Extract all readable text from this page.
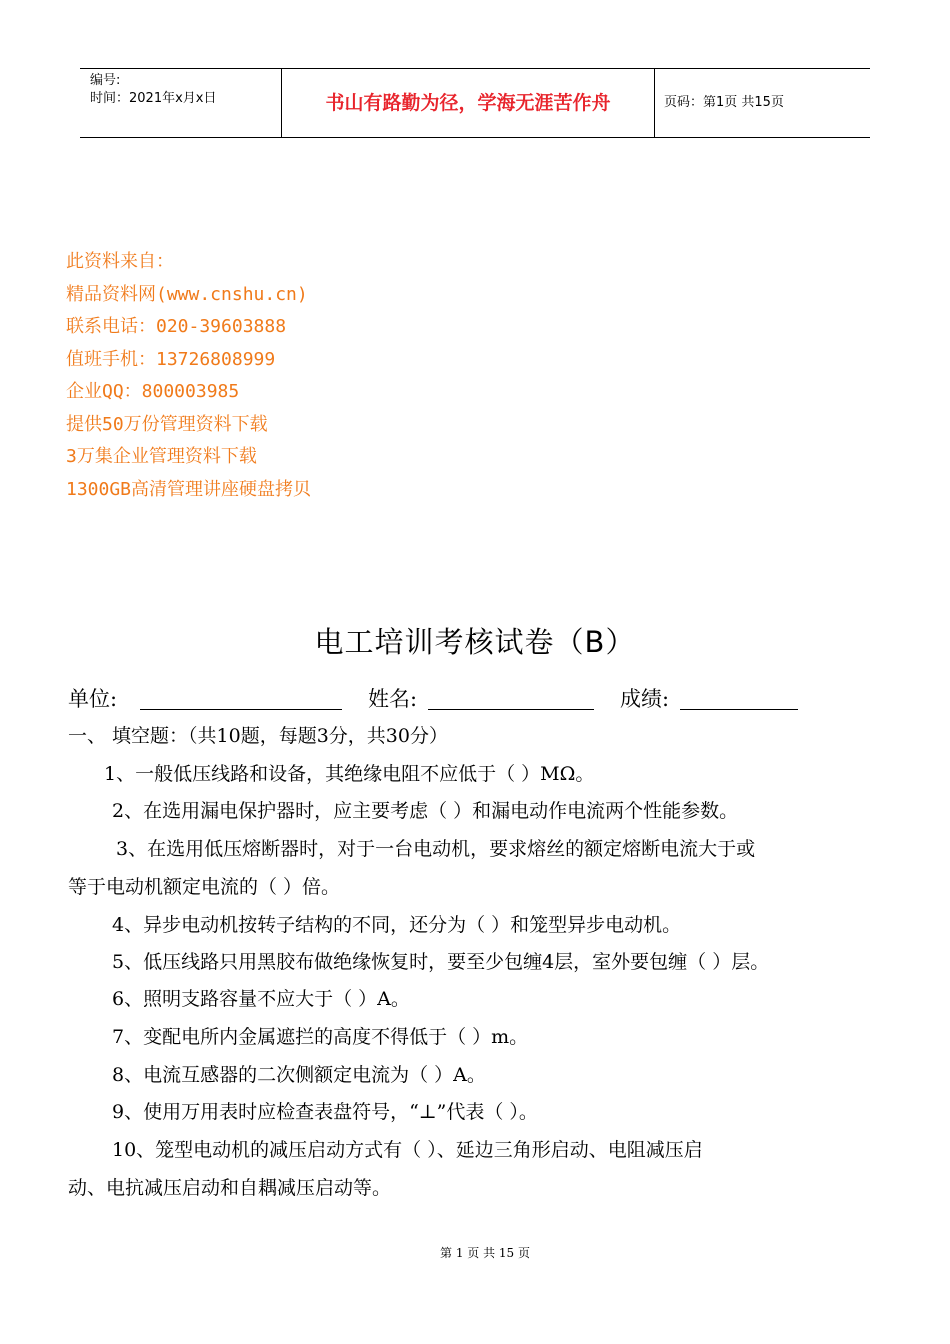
编号:
时间：2021年x月x日	书山有路勤为径，学海无涯苦作舟	页码：第1页 共15页
此资料来自：
精品资料网(www.cnshu.cn)
联系电话：020-39603888
值班手机：13726808999
企业QQ：800003985
提供50万份管理资料下载
3万集企业管理资料下载
1300GB高清管理讲座硬盘拷贝
电工培训考核试卷（B）
单位:	姓名:	成绩:
一、 填空题：（共10题，每题3分，共30分）
1、一般低压线路和设备，其绝缘电阻不应低于（ ）MΩ。
2、在选用漏电保护器时，应主要考虑（ ）和漏电动作电流两个性能参数。
3、在选用低压熔断器时，对于一台电动机，要求熔丝的额定熔断电流大于或
等于电动机额定电流的（ ）倍。
4、异步电动机按转子结构的不同，还分为（ ）和笼型异步电动机。
5、低压线路只用黑胶布做绝缘恢复时，要至少包缠4层，室外要包缠（ ）层。
6、照明支路容量不应大于（ ）A。
7、变配电所内金属遮拦的高度不得低于（ ）m。
8、电流互感器的二次侧额定电流为（ ）A。
9、使用万用表时应检查表盘符号，“⊥”代表（ ）。
10、笼型电动机的减压启动方式有（ ）、延边三角形启动、电阻减压启
动、电抗减压启动和自耦减压启动等。
第 1 页 共 15 页
